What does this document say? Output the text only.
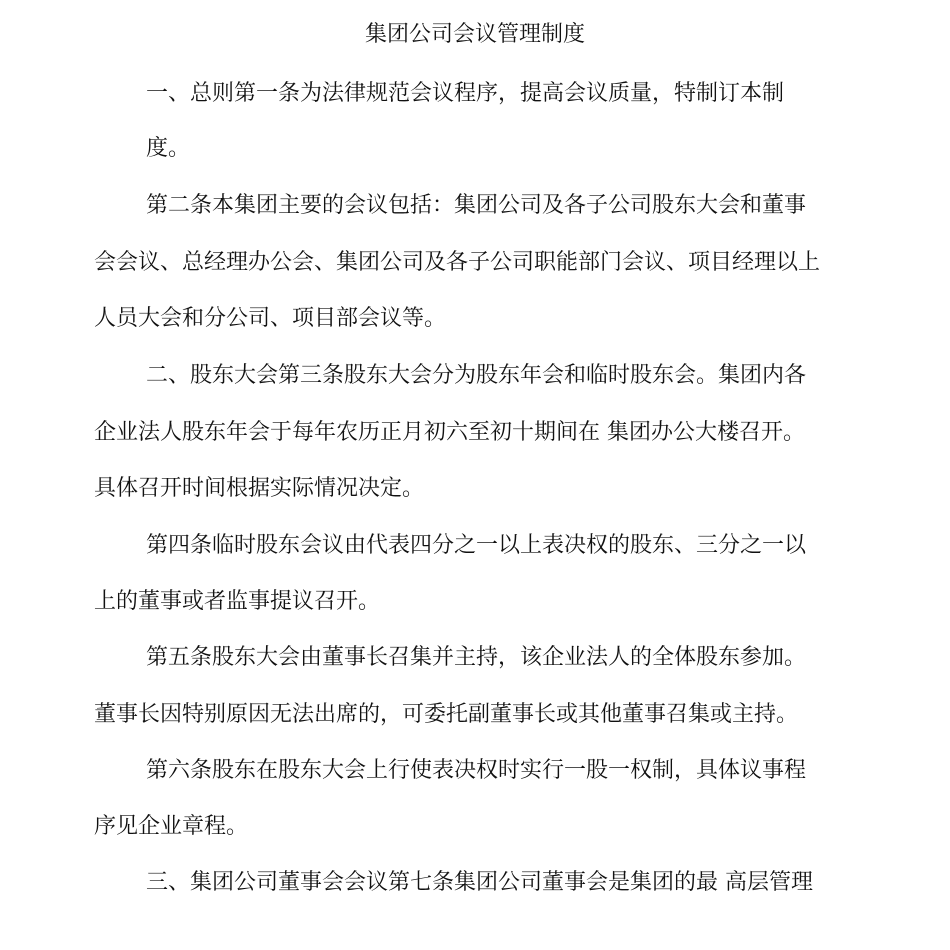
集团公司会议管理制度

一、总则第一条为法律规范会议程序，提高会议质量，特制订本制

度。

第二条本集团主要的会议包括：集团公司及各子公司股东大会和董事

会会议、总经理办公会、集团公司及各子公司职能部门会议、项目经理以上

人员大会和分公司、项目部会议等。

二、股东大会第三条股东大会分为股东年会和临时股东会。集团内各

企业法人股东年会于每年农历正月初六至初十期间在 集团办公大楼召开。

具体召开时间根据实际情况决定。

第四条临时股东会议由代表四分之一以上表决权的股东、三分之一以

上的董事或者监事提议召开。

第五条股东大会由董事长召集并主持，该企业法人的全体股东参加。

董事长因特别原因无法出席的，可委托副董事长或其他董事召集或主持。

第六条股东在股东大会上行使表决权时实行一股一权制，具体议事程

序见企业章程。

三、集团公司董事会会议第七条集团公司董事会是集团的最 高层管理
